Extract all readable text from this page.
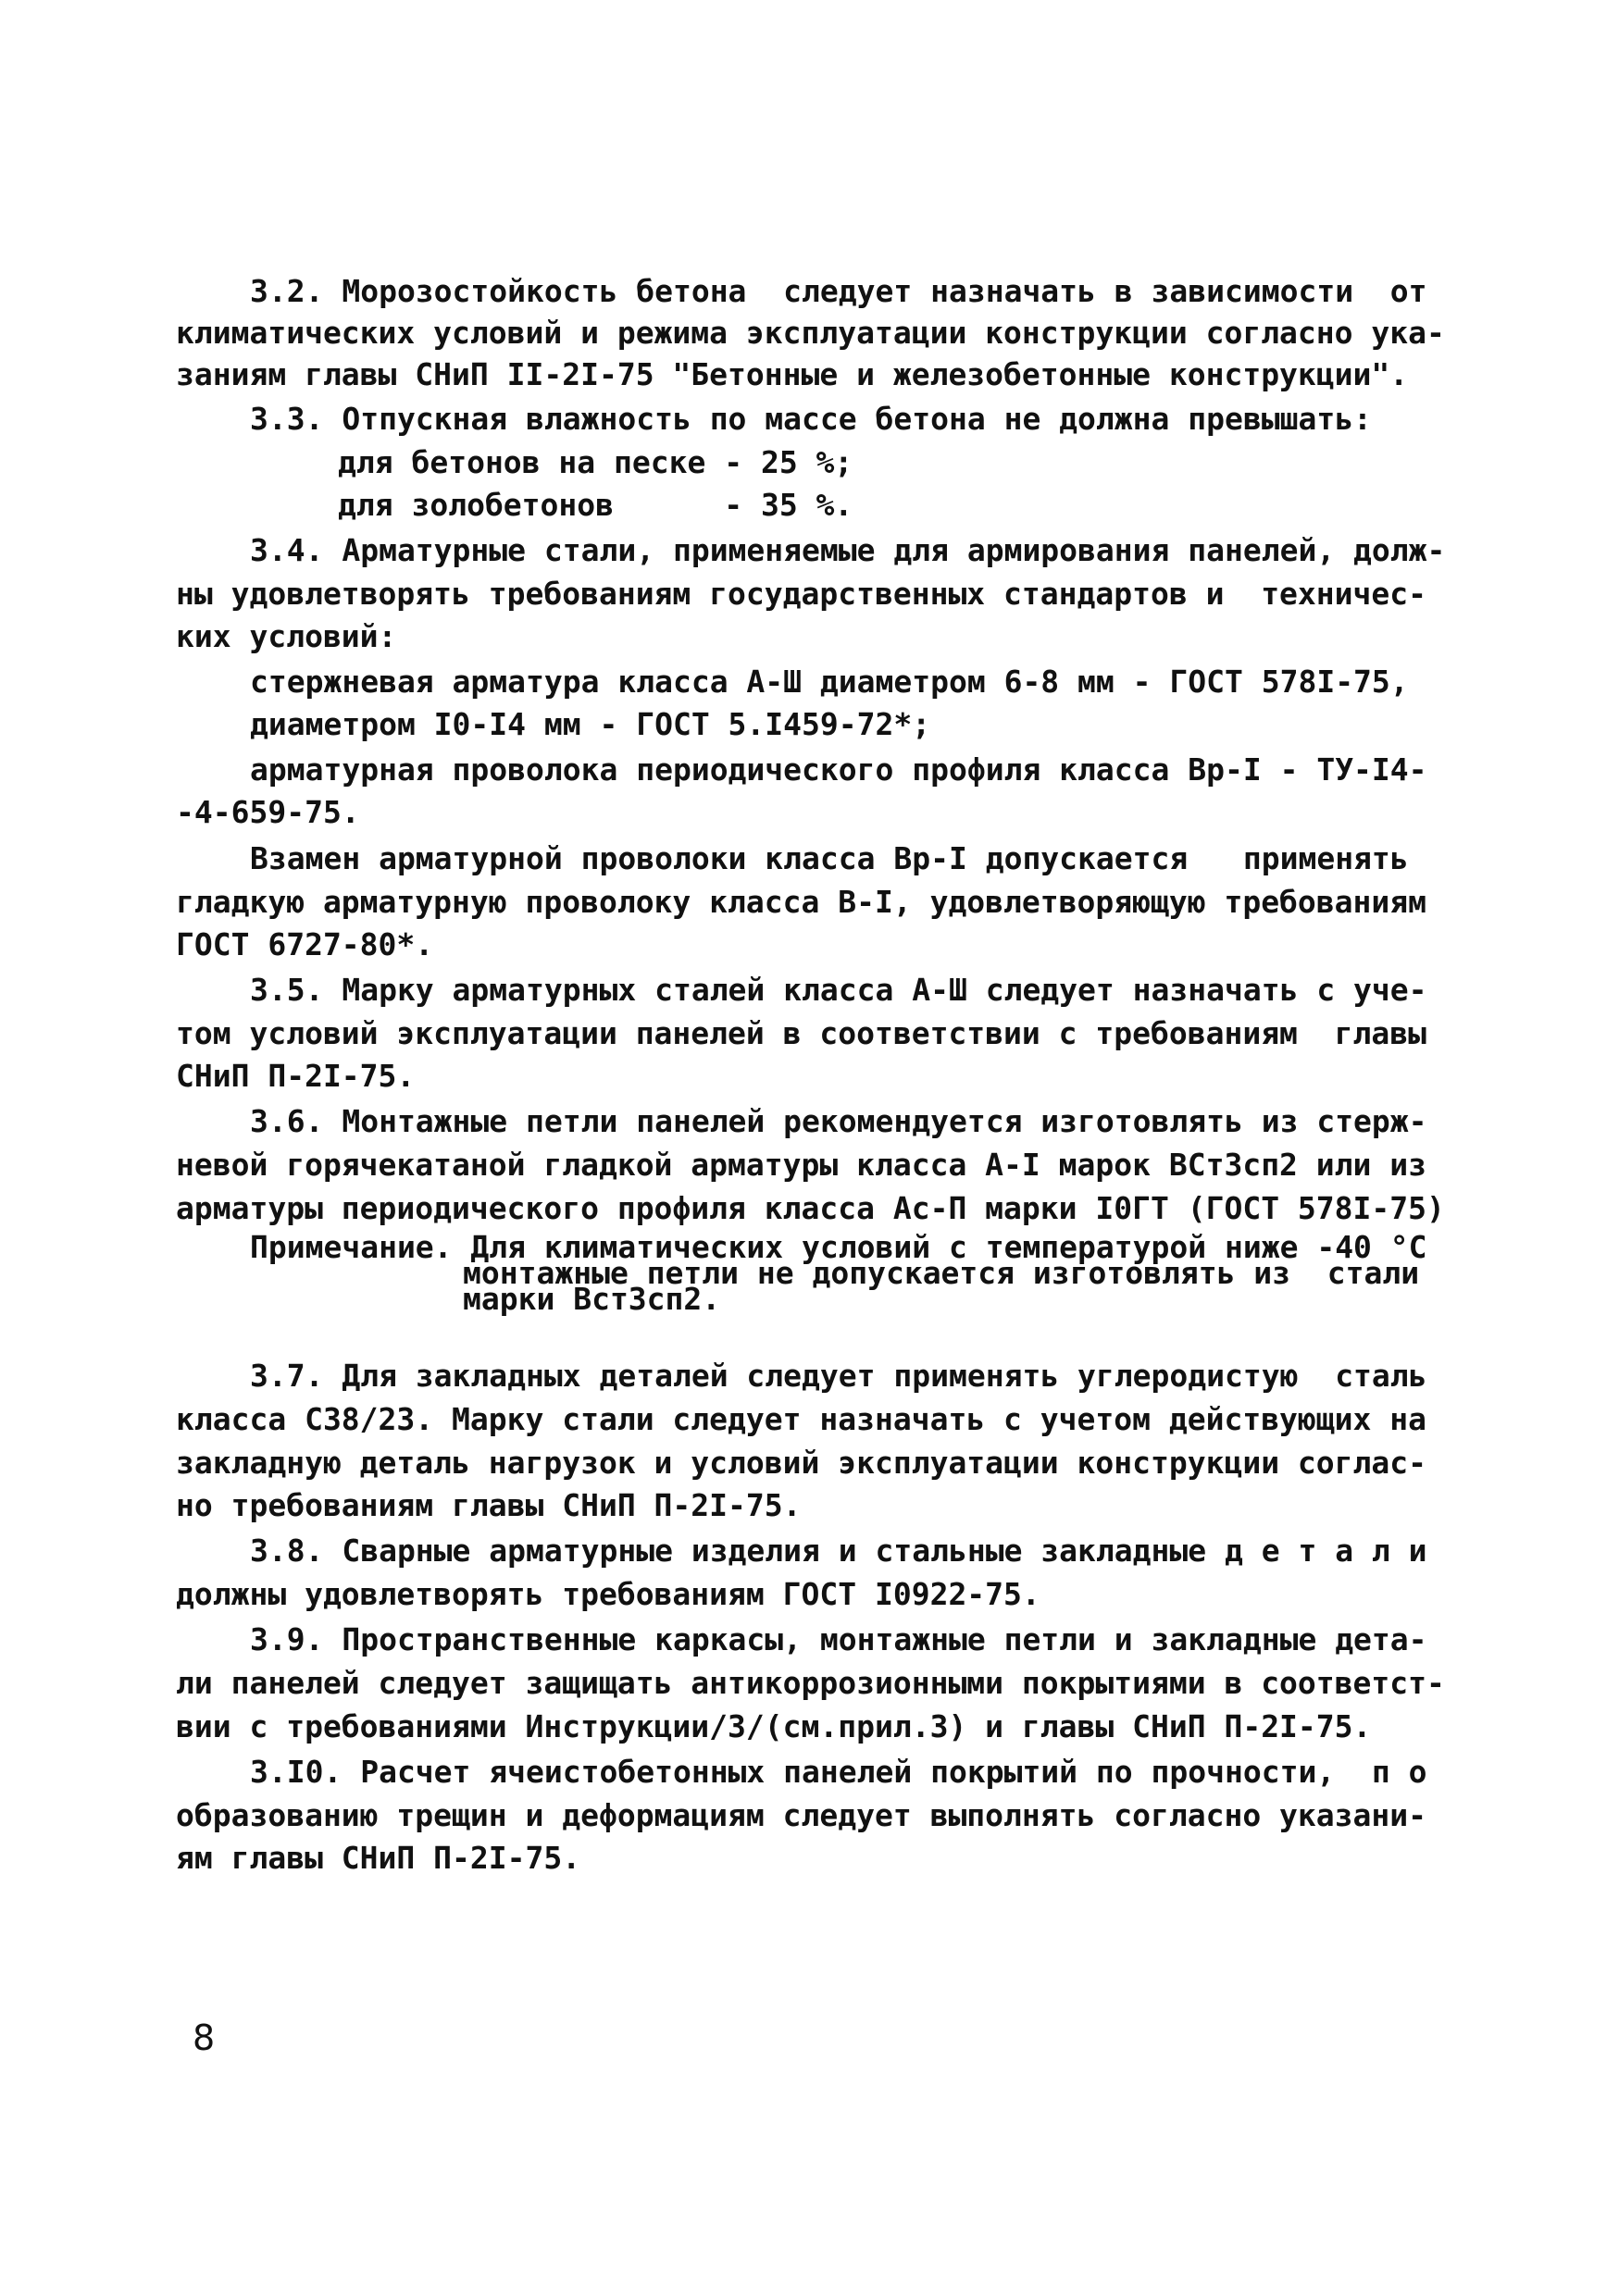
3.2. Морозостойкость бетона  следует назначать в зависимости  от
климатических условий и режима эксплуатации конструкции согласно ука-
заниям главы СНиП II-2I-75 "Бетонные и железобетонные конструкции".
3.3. Отпускная влажность по массе бетона не должна превышать:
для бетонов на песке - 25 %;
для золобетонов      - 35 %.
3.4. Арматурные стали, применяемые для армирования панелей, долж-
ны удовлетворять требованиям государственных стандартов и  техничес-
ких условий:
стержневая арматура класса А-Ш диаметром 6-8 мм - ГОСТ 578I-75,
диаметром I0-I4 мм - ГОСТ 5.I459-72*;
арматурная проволока периодического профиля класса Вр-I - ТУ-I4-
-4-659-75.
Взамен арматурной проволоки класса Вр-I допускается   применять
гладкую арматурную проволоку класса В-I, удовлетворяющую требованиям
ГОСТ 6727-80*.
3.5. Марку арматурных сталей класса А-Ш следует назначать с уче-
том условий эксплуатации панелей в соответствии с требованиям  главы
СНиП П-2I-75.
3.6. Монтажные петли панелей рекомендуется изготовлять из стерж-
невой горячекатаной гладкой арматуры класса А-I марок ВСт3сп2 или из
арматуры периодического профиля класса Ас-П марки I0ГТ (ГОСТ 578I-75)
Примечание. Для климатических условий с температурой ниже -40 °С
монтажные петли не допускается изготовлять из  стали
марки Вст3сп2.
3.7. Для закладных деталей следует применять углеродистую  сталь
класса С38/23. Марку стали следует назначать с учетом действующих на
закладную деталь нагрузок и условий эксплуатации конструкции соглас-
но требованиям главы СНиП П-2I-75.
3.8. Сварные арматурные изделия и стальные закладные д е т а л и
должны удовлетворять требованиям ГОСТ I0922-75.
3.9. Пространственные каркасы, монтажные петли и закладные дета-
ли панелей следует защищать антикоррозионными покрытиями в соответст-
вии с требованиями Инструкции/3/(см.прил.3) и главы СНиП П-2I-75.
3.I0. Расчет ячеистобетонных панелей покрытий по прочности,  п о
образованию трещин и деформациям следует выполнять согласно указани-
ям главы СНиП П-2I-75.
8
